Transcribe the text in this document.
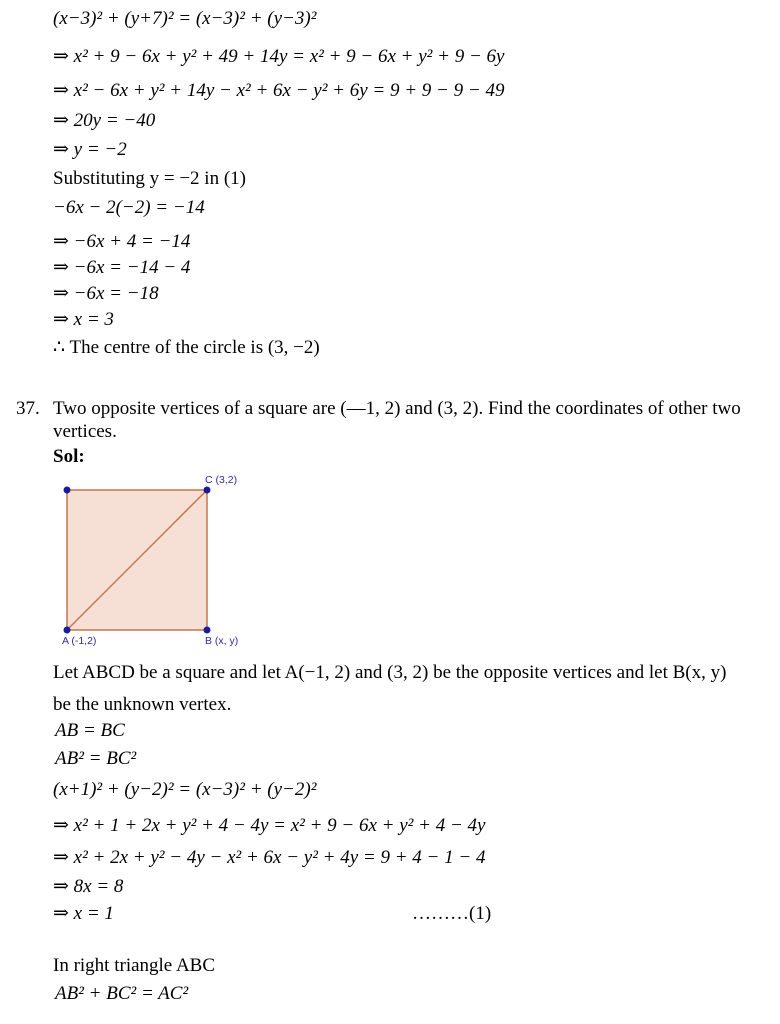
(x−3)² + (y+7)² = (x−3)² + (y−3)²
⇒ x² + 9 − 6x + y² + 49 + 14y = x² + 9 − 6x + y² + 9 − 6y
⇒ x² − 6x + y² + 14y − x² + 6x − y² + 6y = 9 + 9 − 9 − 49
⇒ 20y = −40
⇒ y = −2
Substituting y = −2 in (1)
−6x − 2(−2) = −14
⇒ −6x + 4 = −14
⇒ −6x = −14 − 4
⇒ −6x = −18
⇒ x = 3
∴ The centre of the circle is (3, −2)
37. Two opposite vertices of a square are (—1, 2) and (3, 2). Find the coordinates of other two
vertices.
Sol:
C (3,2)
A (-1,2)	B (x, y)
Let ABCD be a square and let A(−1, 2) and (3, 2) be the opposite vertices and let B(x, y)
be the unknown vertex.
AB = BC
AB² = BC²
(x+1)² + (y−2)² = (x−3)² + (y−2)²
⇒ x² + 1 + 2x + y² + 4 − 4y = x² + 9 − 6x + y² + 4 − 4y
⇒ x² + 2x + y² − 4y − x² + 6x − y² + 4y = 9 + 4 − 1 − 4
⇒ 8x = 8
⇒ x = 1	………(1)
In right triangle ABC
AB² + BC² = AC²
